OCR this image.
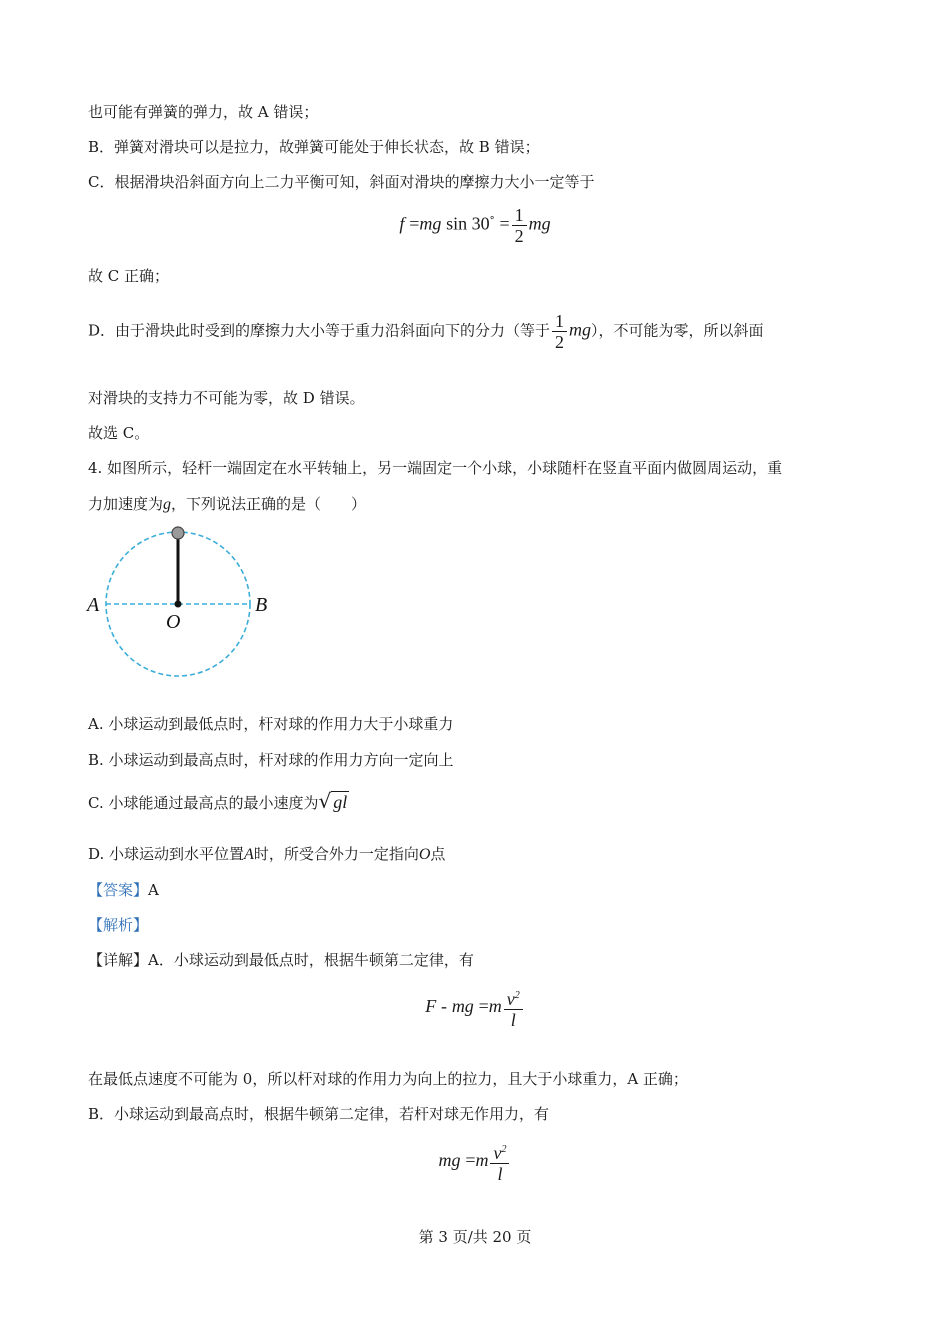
也可能有弹簧的弹力，故 A 错误；
B．弹簧对滑块可以是拉力，故弹簧可能处于伸长状态，故 B 错误；
C．根据滑块沿斜面方向上二力平衡可知，斜面对滑块的摩擦力大小一定等于
f =mg $\sin 30^\circ = \frac{1}{2}$ mg
故 C 正确；
D．由于滑块此时受到的摩擦力大小等于重力沿斜面向下的分力（等于 $\frac{1}{2} mg$），不可能为零，所以斜面
对滑块的支持力不可能为零，故 D 错误。
故选 C。
4. 如图所示，轻杆一端固定在水平转轴上，另一端固定一个小球，小球随杆在竖直平面内做圆周运动，重
力加速度为g，下列说法正确的是（　　）
A	B
O
A. 小球运动到最低点时，杆对球的作用力大于小球重力
B. 小球运动到最高点时，杆对球的作用力方向一定向上
C. 小球能通过最高点的最小速度为√ gl
D. 小球运动到水平位置A时，所受合外力一定指向O点
【答案】A
【解析】
【详解】A．小球运动到最低点时，根据牛顿第二定律，有
F - mg $=m \frac{v^2}{l}$
在最低点速度不可能为 0，所以杆对球的作用力为向上的拉力，且大于小球重力，A 正确；
B．小球运动到最高点时，根据牛顿第二定律，若杆对球无作用力，有
mg $=m \frac{v^2}{l}$
第 3 页/共 20 页
